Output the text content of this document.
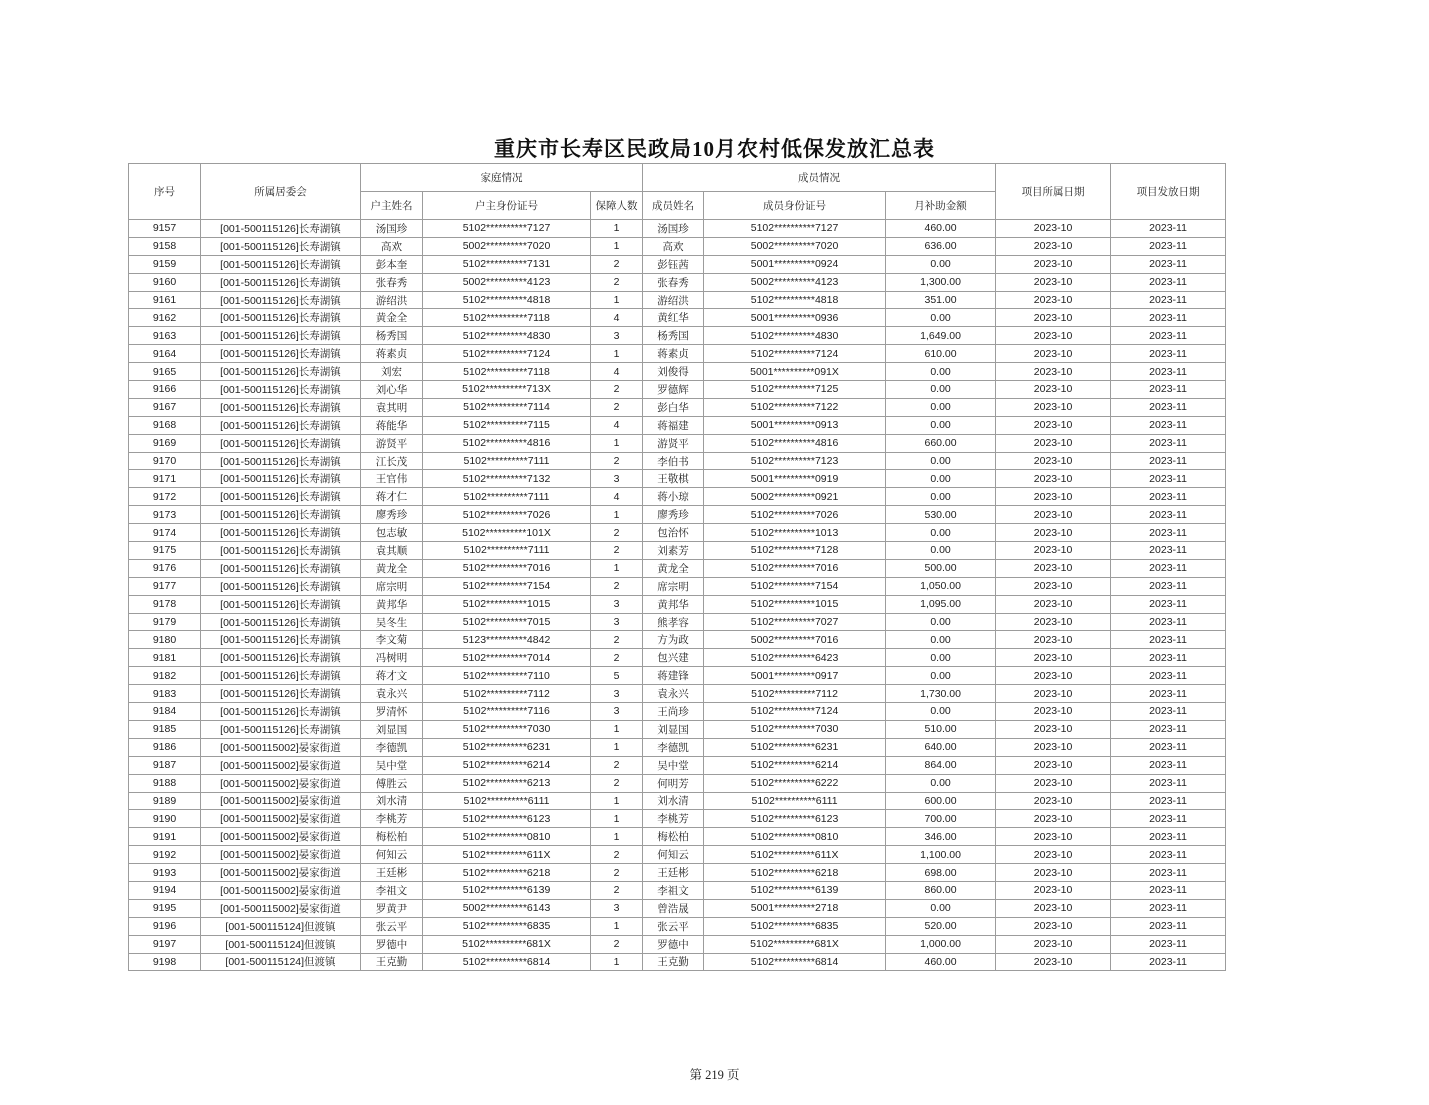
重庆市长寿区民政局10月农村低保发放汇总表
序号	所属居委会	家庭情况			成员情况			项目所属日期	项目发放日期
		户主姓名	户主身份证号	保障人数	成员姓名	成员身份证号	月补助金额		
9157	[001-500115126]长寿湖镇	汤国珍	5102**********7127	1	汤国珍	5102**********7127	460.00	2023-10	2023-11
9158	[001-500115126]长寿湖镇	高欢	5002**********7020	1	高欢	5002**********7020	636.00	2023-10	2023-11
9159	[001-500115126]长寿湖镇	彭本奎	5102**********7131	2	彭钰茜	5001**********0924	0.00	2023-10	2023-11
9160	[001-500115126]长寿湖镇	张春秀	5002**********4123	2	张春秀	5002**********4123	1,300.00	2023-10	2023-11
9161	[001-500115126]长寿湖镇	游绍洪	5102**********4818	1	游绍洪	5102**********4818	351.00	2023-10	2023-11
9162	[001-500115126]长寿湖镇	黄金全	5102**********7118	4	黄红华	5001**********0936	0.00	2023-10	2023-11
9163	[001-500115126]长寿湖镇	杨秀国	5102**********4830	3	杨秀国	5102**********4830	1,649.00	2023-10	2023-11
9164	[001-500115126]长寿湖镇	蒋素贞	5102**********7124	1	蒋素贞	5102**********7124	610.00	2023-10	2023-11
9165	[001-500115126]长寿湖镇	刘宏	5102**********7118	4	刘俊得	5001**********091X	0.00	2023-10	2023-11
9166	[001-500115126]长寿湖镇	刘心华	5102**********713X	2	罗德辉	5102**********7125	0.00	2023-10	2023-11
9167	[001-500115126]长寿湖镇	袁其明	5102**********7114	2	彭白华	5102**********7122	0.00	2023-10	2023-11
9168	[001-500115126]长寿湖镇	蒋能华	5102**********7115	4	蒋福建	5001**********0913	0.00	2023-10	2023-11
9169	[001-500115126]长寿湖镇	游贤平	5102**********4816	1	游贤平	5102**********4816	660.00	2023-10	2023-11
9170	[001-500115126]长寿湖镇	江长茂	5102**********7111	2	李伯书	5102**********7123	0.00	2023-10	2023-11
9171	[001-500115126]长寿湖镇	王官伟	5102**********7132	3	王敬棋	5001**********0919	0.00	2023-10	2023-11
9172	[001-500115126]长寿湖镇	蒋才仁	5102**********7111	4	蒋小琼	5002**********0921	0.00	2023-10	2023-11
9173	[001-500115126]长寿湖镇	廖秀珍	5102**********7026	1	廖秀珍	5102**********7026	530.00	2023-10	2023-11
9174	[001-500115126]长寿湖镇	包志敏	5102**********101X	2	包治怀	5102**********1013	0.00	2023-10	2023-11
9175	[001-500115126]长寿湖镇	袁其顺	5102**********7111	2	刘素芳	5102**********7128	0.00	2023-10	2023-11
9176	[001-500115126]长寿湖镇	黄龙全	5102**********7016	1	黄龙全	5102**********7016	500.00	2023-10	2023-11
9177	[001-500115126]长寿湖镇	席宗明	5102**********7154	2	席宗明	5102**********7154	1,050.00	2023-10	2023-11
9178	[001-500115126]长寿湖镇	黄邦华	5102**********1015	3	黄邦华	5102**********1015	1,095.00	2023-10	2023-11
9179	[001-500115126]长寿湖镇	吴冬生	5102**********7015	3	熊孝容	5102**********7027	0.00	2023-10	2023-11
9180	[001-500115126]长寿湖镇	李文菊	5123**********4842	2	方为政	5002**********7016	0.00	2023-10	2023-11
9181	[001-500115126]长寿湖镇	冯树明	5102**********7014	2	包兴建	5102**********6423	0.00	2023-10	2023-11
9182	[001-500115126]长寿湖镇	蒋才文	5102**********7110	5	蒋建锋	5001**********0917	0.00	2023-10	2023-11
9183	[001-500115126]长寿湖镇	袁永兴	5102**********7112	3	袁永兴	5102**********7112	1,730.00	2023-10	2023-11
9184	[001-500115126]长寿湖镇	罗清怀	5102**********7116	3	王尚珍	5102**********7124	0.00	2023-10	2023-11
9185	[001-500115126]长寿湖镇	刘显国	5102**********7030	1	刘显国	5102**********7030	510.00	2023-10	2023-11
9186	[001-500115002]晏家街道	李德凯	5102**********6231	1	李德凯	5102**********6231	640.00	2023-10	2023-11
9187	[001-500115002]晏家街道	吴中堂	5102**********6214	2	吴中堂	5102**********6214	864.00	2023-10	2023-11
9188	[001-500115002]晏家街道	傅胜云	5102**********6213	2	何明芳	5102**********6222	0.00	2023-10	2023-11
9189	[001-500115002]晏家街道	刘水清	5102**********6111	1	刘水清	5102**********6111	600.00	2023-10	2023-11
9190	[001-500115002]晏家街道	李桃芳	5102**********6123	1	李桃芳	5102**********6123	700.00	2023-10	2023-11
9191	[001-500115002]晏家街道	梅松柏	5102**********0810	1	梅松柏	5102**********0810	346.00	2023-10	2023-11
9192	[001-500115002]晏家街道	何知云	5102**********611X	2	何知云	5102**********611X	1,100.00	2023-10	2023-11
9193	[001-500115002]晏家街道	王廷彬	5102**********6218	2	王廷彬	5102**********6218	698.00	2023-10	2023-11
9194	[001-500115002]晏家街道	李祖文	5102**********6139	2	李祖文	5102**********6139	860.00	2023-10	2023-11
9195	[001-500115002]晏家街道	罗黄尹	5002**********6143	3	曾浩晟	5001**********2718	0.00	2023-10	2023-11
9196	[001-500115124]但渡镇	张云平	5102**********6835	1	张云平	5102**********6835	520.00	2023-10	2023-11
9197	[001-500115124]但渡镇	罗德中	5102**********681X	2	罗德中	5102**********681X	1,000.00	2023-10	2023-11
9198	[001-500115124]但渡镇	王克勤	5102**********6814	1	王克勤	5102**********6814	460.00	2023-10	2023-11
第 219 页
